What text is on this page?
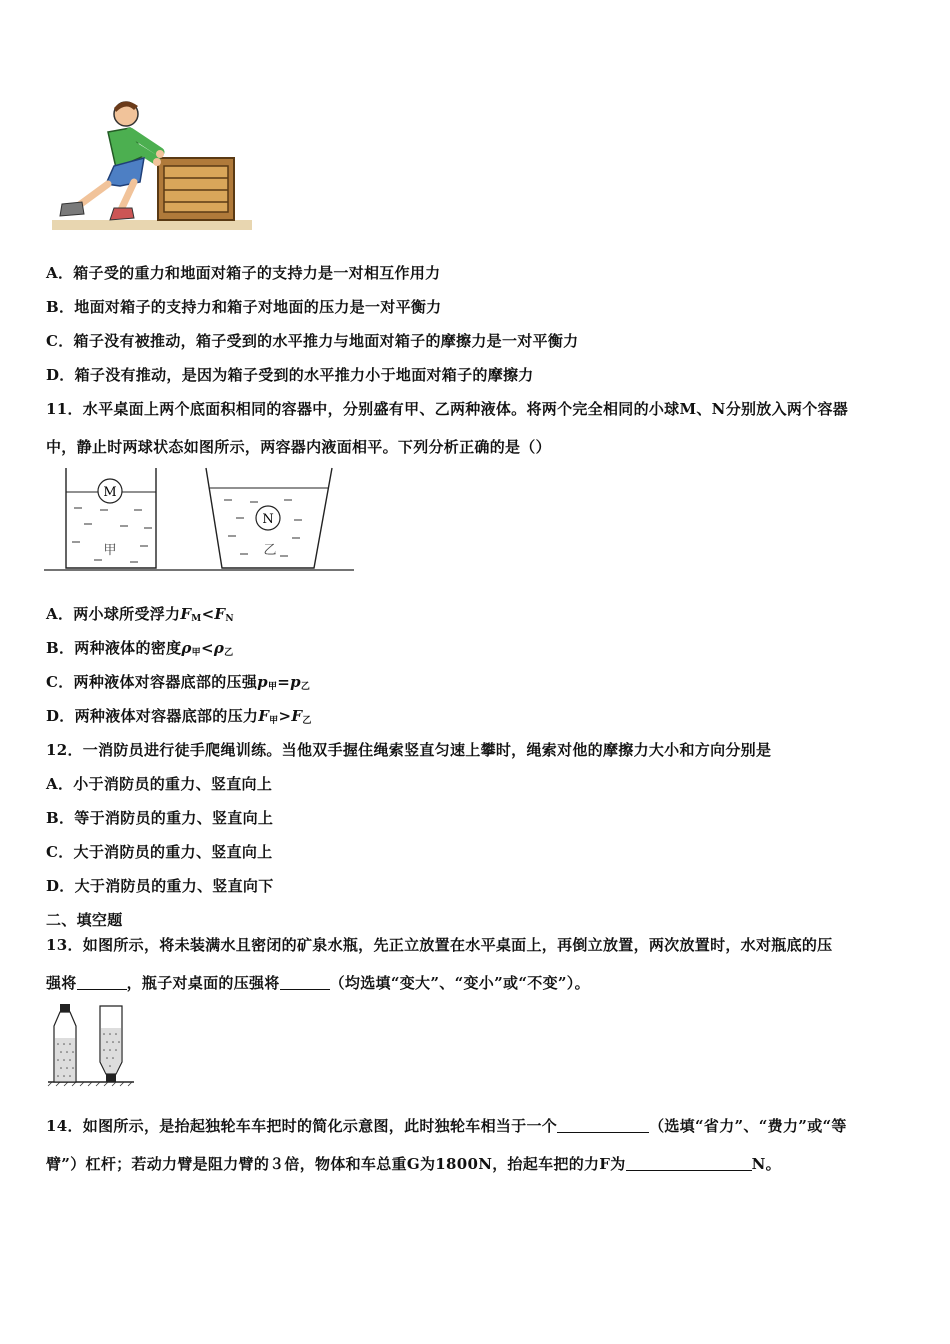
A．箱子受的重力和地面对箱子的支持力是一对相互作用力
B．地面对箱子的支持力和箱子对地面的压力是一对平衡力
C．箱子没有被推动，箱子受到的水平推力与地面对箱子的摩擦力是一对平衡力
D．箱子没有推动，是因为箱子受到的水平推力小于地面对箱子的摩擦力
11．水平桌面上两个底面积相同的容器中，分别盛有甲、乙两种液体。将两个完全相同的小球M、N分别放入两个容器
中，静止时两球状态如图所示，两容器内液面相平。下列分析正确的是（）
M
甲
N
乙
A．两小球所受浮力$F_M<F_N$
B．两种液体的密度$\rho_甲<\rho_乙$
C．两种液体对容器底部的压强$p_甲=p_乙$
D．两种液体对容器底部的压力$F_甲>F_乙$
12．一消防员进行徒手爬绳训练。当他双手握住绳索竖直匀速上攀时，绳索对他的摩擦力大小和方向分别是
A．小于消防员的重力、竖直向上
B．等于消防员的重力、竖直向上
C．大于消防员的重力、竖直向上
D．大于消防员的重力、竖直向下
二、填空题
13．如图所示，将未装满水且密闭的矿泉水瓶，先正立放置在水平桌面上，再倒立放置，两次放置时，水对瓶底的压
强将	，瓶子对桌面的压强将	（均选填“变大”、“变小”或“不变”）。
14．如图所示，是抬起独轮车车把时的简化示意图，此时独轮车相当于一个	（选填“省力”、“费力”或“等
臂”）杠杆；若动力臂是阻力臂的３倍，物体和车总重G为1800N，抬起车把的力F为	N。
